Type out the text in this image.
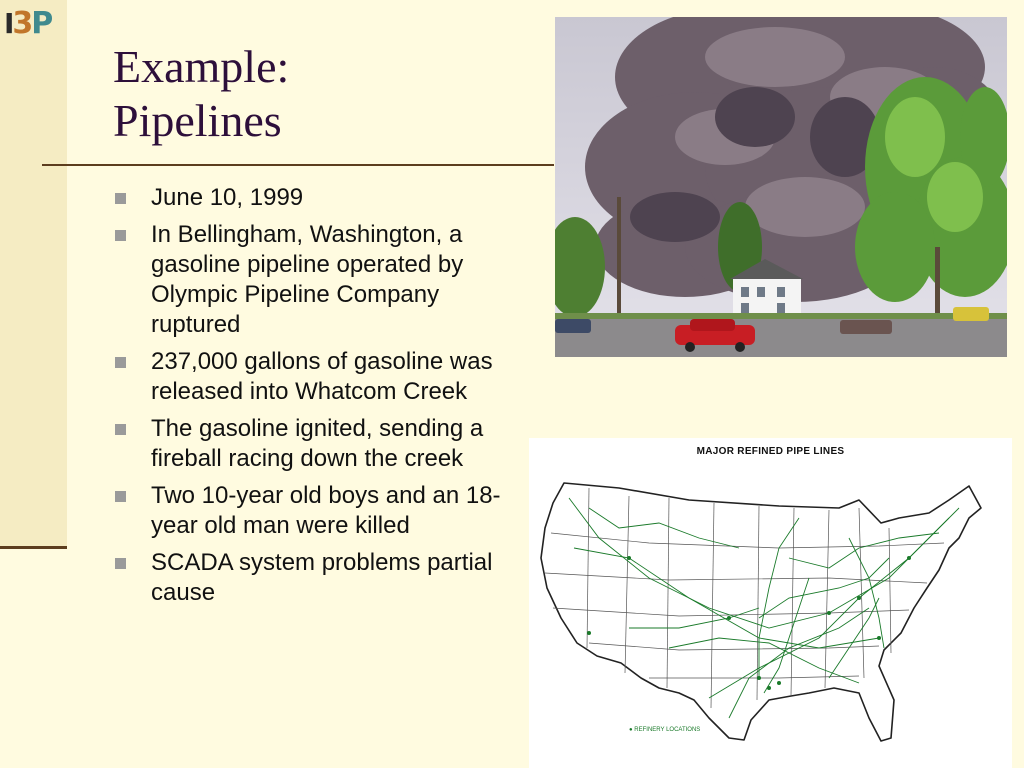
I3P
Example:
Pipelines
June 10, 1999
In Bellingham, Washington, a gasoline pipeline operated by Olympic Pipeline Company ruptured
237,000 gallons of gasoline was released into Whatcom Creek
The gasoline ignited, sending a fireball racing down the creek
Two 10-year old boys and an 18-year old man were killed
SCADA system problems partial cause
MAJOR REFINED PIPE LINES
● REFINERY LOCATIONS
